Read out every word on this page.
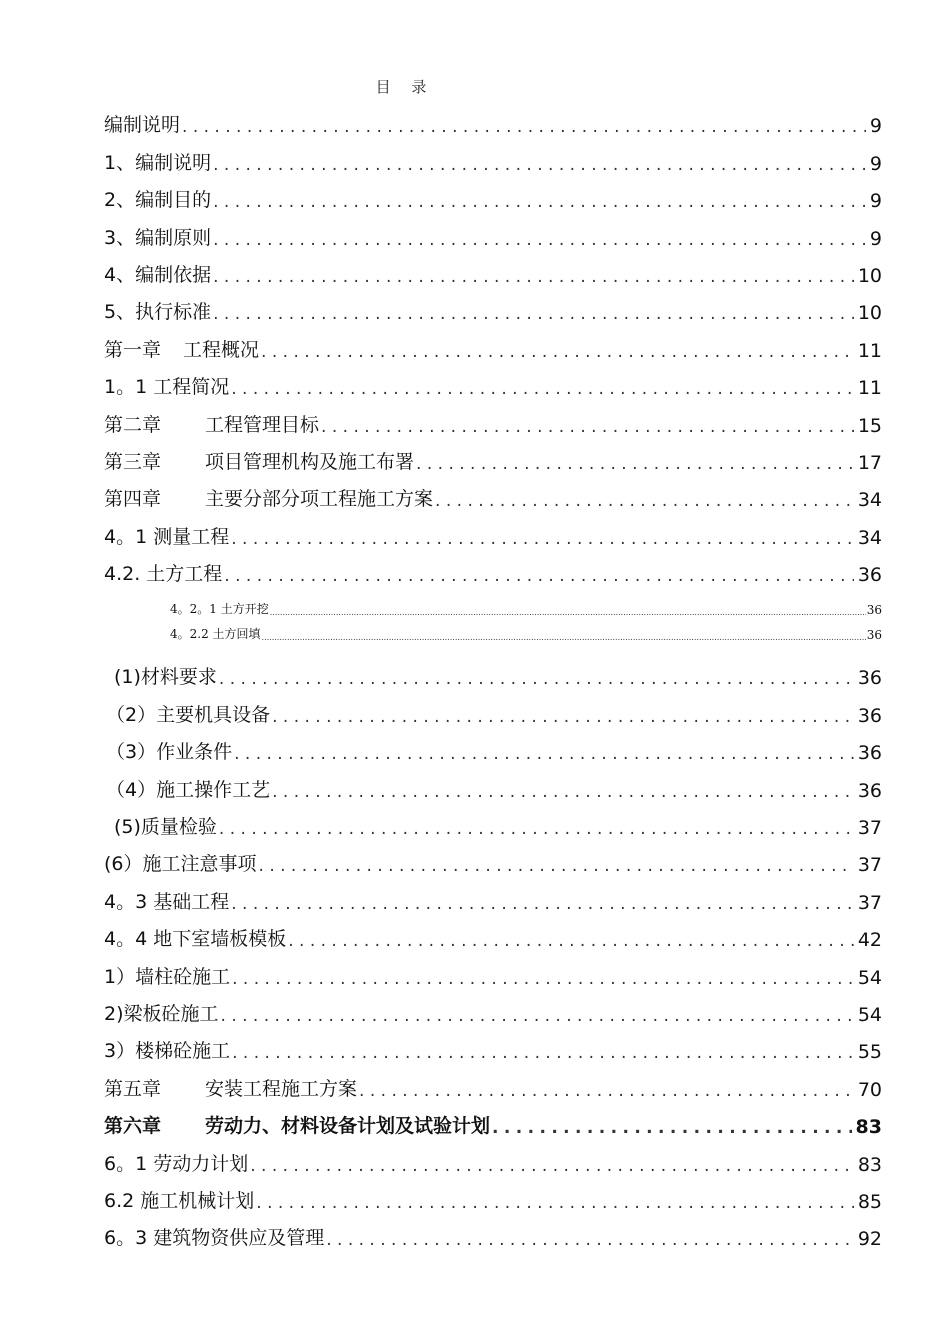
目 录
编制说明 .....	9
1、编制说明 .....	9
2、编制目的 .....	9
3、编制原则 .....	9
4、编制依据 .....	10
5、执行标准 .....	10
第一章 工程概况 .....	11
1。1 工程简况 .....	11
第二章 工程管理目标 .....	15
第三章 项目管理机构及施工布署 .....	17
第四章 主要分部分项工程施工方案 .....	34
4。1 测量工程 .....	34
4.2. 土方工程 .....	36
4。2。1 土方开挖 .....	36
4。2.2 土方回填 .....	36
(1)材料要求 .....	36
（2）主要机具设备 .....	36
（3）作业条件 .....	36
（4）施工操作工艺 .....	36
(5)质量检验 .....	37
(6）施工注意事项 .....	37
4。3 基础工程 .....	37
4。4 地下室墙板模板 .....	42
1）墙柱砼施工 .....	54
2)梁板砼施工 .....	54
3）楼梯砼施工 .....	55
第五章 安装工程施工方案 .....	70
第六章 劳动力、材料设备计划及试验计划 .....	83
6。1 劳动力计划 .....	83
6.2 施工机械计划 .....	85
6。3 建筑物资供应及管理 .....	92
